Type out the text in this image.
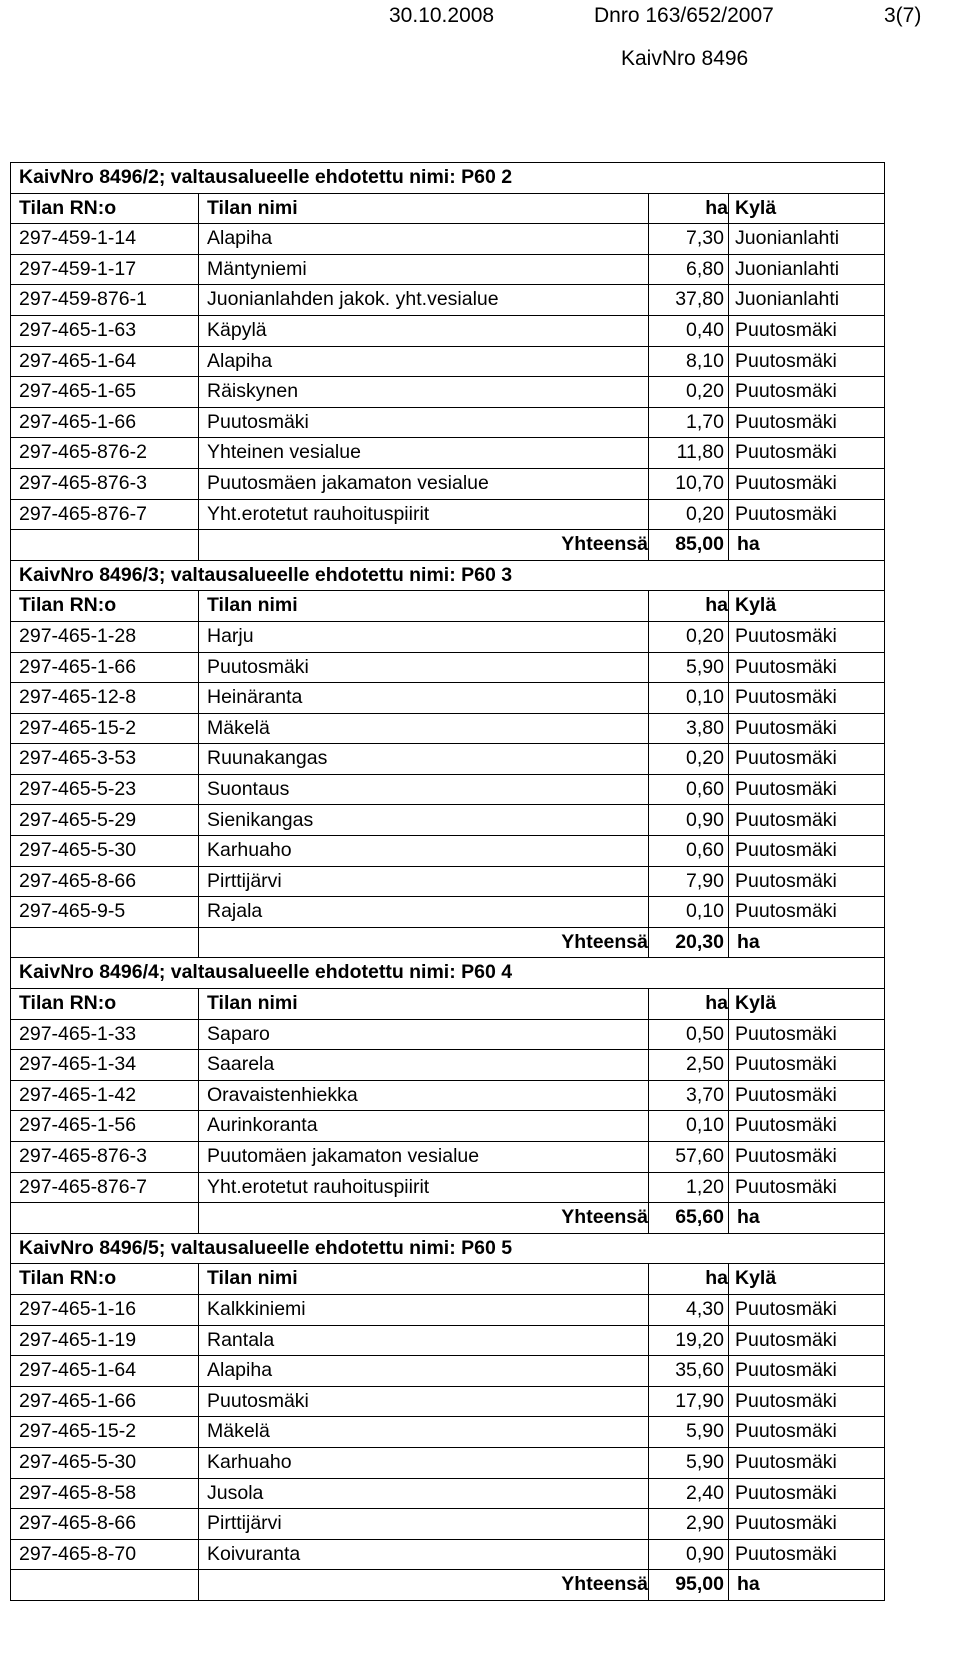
30.10.2008	Dnro 163/652/2007	3(7)
KaivNro 8496
KaivNro 8496/2; valtausalueelle ehdotettu nimi: P60 2			
Tilan RN:o	Tilan nimi	ha	Kylä
297-459-1-14	Alapiha	7,30	Juonianlahti
297-459-1-17	Mäntyniemi	6,80	Juonianlahti
297-459-876-1	Juonianlahden jakok. yht.vesialue	37,80	Juonianlahti
297-465-1-63	Käpylä	0,40	Puutosmäki
297-465-1-64	Alapiha	8,10	Puutosmäki
297-465-1-65	Räiskynen	0,20	Puutosmäki
297-465-1-66	Puutosmäki	1,70	Puutosmäki
297-465-876-2	Yhteinen vesialue	11,80	Puutosmäki
297-465-876-3	Puutosmäen jakamaton vesialue	10,70	Puutosmäki
297-465-876-7	Yht.erotetut rauhoituspiirit	0,20	Puutosmäki
	Yhteensä	85,00	ha
KaivNro 8496/3; valtausalueelle ehdotettu nimi: P60 3			
Tilan RN:o	Tilan nimi	ha	Kylä
297-465-1-28	Harju	0,20	Puutosmäki
297-465-1-66	Puutosmäki	5,90	Puutosmäki
297-465-12-8	Heinäranta	0,10	Puutosmäki
297-465-15-2	Mäkelä	3,80	Puutosmäki
297-465-3-53	Ruunakangas	0,20	Puutosmäki
297-465-5-23	Suontaus	0,60	Puutosmäki
297-465-5-29	Sienikangas	0,90	Puutosmäki
297-465-5-30	Karhuaho	0,60	Puutosmäki
297-465-8-66	Pirttijärvi	7,90	Puutosmäki
297-465-9-5	Rajala	0,10	Puutosmäki
	Yhteensä	20,30	ha
KaivNro 8496/4; valtausalueelle ehdotettu nimi: P60 4			
Tilan RN:o	Tilan nimi	ha	Kylä
297-465-1-33	Saparo	0,50	Puutosmäki
297-465-1-34	Saarela	2,50	Puutosmäki
297-465-1-42	Oravaistenhiekka	3,70	Puutosmäki
297-465-1-56	Aurinkoranta	0,10	Puutosmäki
297-465-876-3	Puutomäen jakamaton vesialue	57,60	Puutosmäki
297-465-876-7	Yht.erotetut rauhoituspiirit	1,20	Puutosmäki
	Yhteensä	65,60	ha
KaivNro 8496/5; valtausalueelle ehdotettu nimi: P60 5			
Tilan RN:o	Tilan nimi	ha	Kylä
297-465-1-16	Kalkkiniemi	4,30	Puutosmäki
297-465-1-19	Rantala	19,20	Puutosmäki
297-465-1-64	Alapiha	35,60	Puutosmäki
297-465-1-66	Puutosmäki	17,90	Puutosmäki
297-465-15-2	Mäkelä	5,90	Puutosmäki
297-465-5-30	Karhuaho	5,90	Puutosmäki
297-465-8-58	Jusola	2,40	Puutosmäki
297-465-8-66	Pirttijärvi	2,90	Puutosmäki
297-465-8-70	Koivuranta	0,90	Puutosmäki
	Yhteensä	95,00	ha
